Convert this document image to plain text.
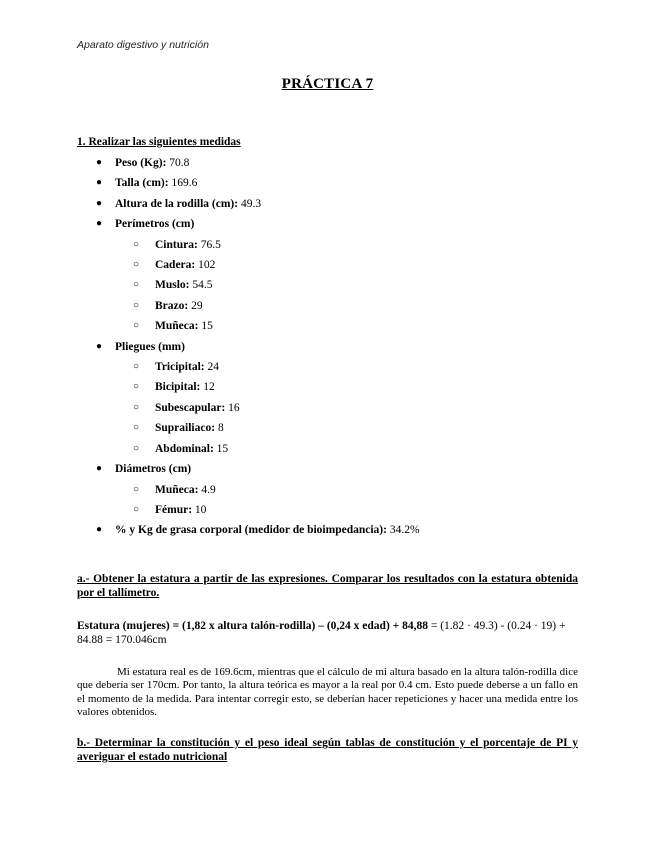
Aparato digestivo y nutrición
PRÁCTICA 7
1. Realizar las siguientes medidas
● Peso (Kg): 70.8
● Talla (cm): 169.6
● Altura de la rodilla (cm): 49.3
● Perímetros (cm)
○ Cintura: 76.5
○ Cadera: 102
○ Muslo: 54.5
○ Brazo: 29
○ Muñeca: 15
● Pliegues (mm)
○ Tricipital: 24
○ Bicipital: 12
○ Subescapular: 16
○ Suprailiaco: 8
○ Abdominal: 15
● Diámetros (cm)
○ Muñeca: 4.9
○ Fémur: 10
● % y Kg de grasa corporal (medidor de bioimpedancia): 34.2%
a.- Obtener la estatura a partir de las expresiones. Comparar los resultados con la estatura obtenida por el tallímetro.
Estatura (mujeres) = (1,82 x altura talón-rodilla) – (0,24 x edad) + 84,88 = (1.82 · 49.3) - (0.24 · 19) + 84.88 = 170.046cm
Mi estatura real es de 169.6cm, mientras que el cálculo de mi altura basado en la altura talón-rodilla dice que debería ser 170cm. Por tanto, la altura teórica es mayor a la real por 0.4 cm. Esto puede deberse a un fallo en el momento de la medida. Para intentar corregir esto, se deberían hacer repeticiones y hacer una medida entre los valores obtenidos.
b.- Determinar la constitución y el peso ideal según tablas de constitución y el porcentaje de PI y averiguar el estado nutricional
